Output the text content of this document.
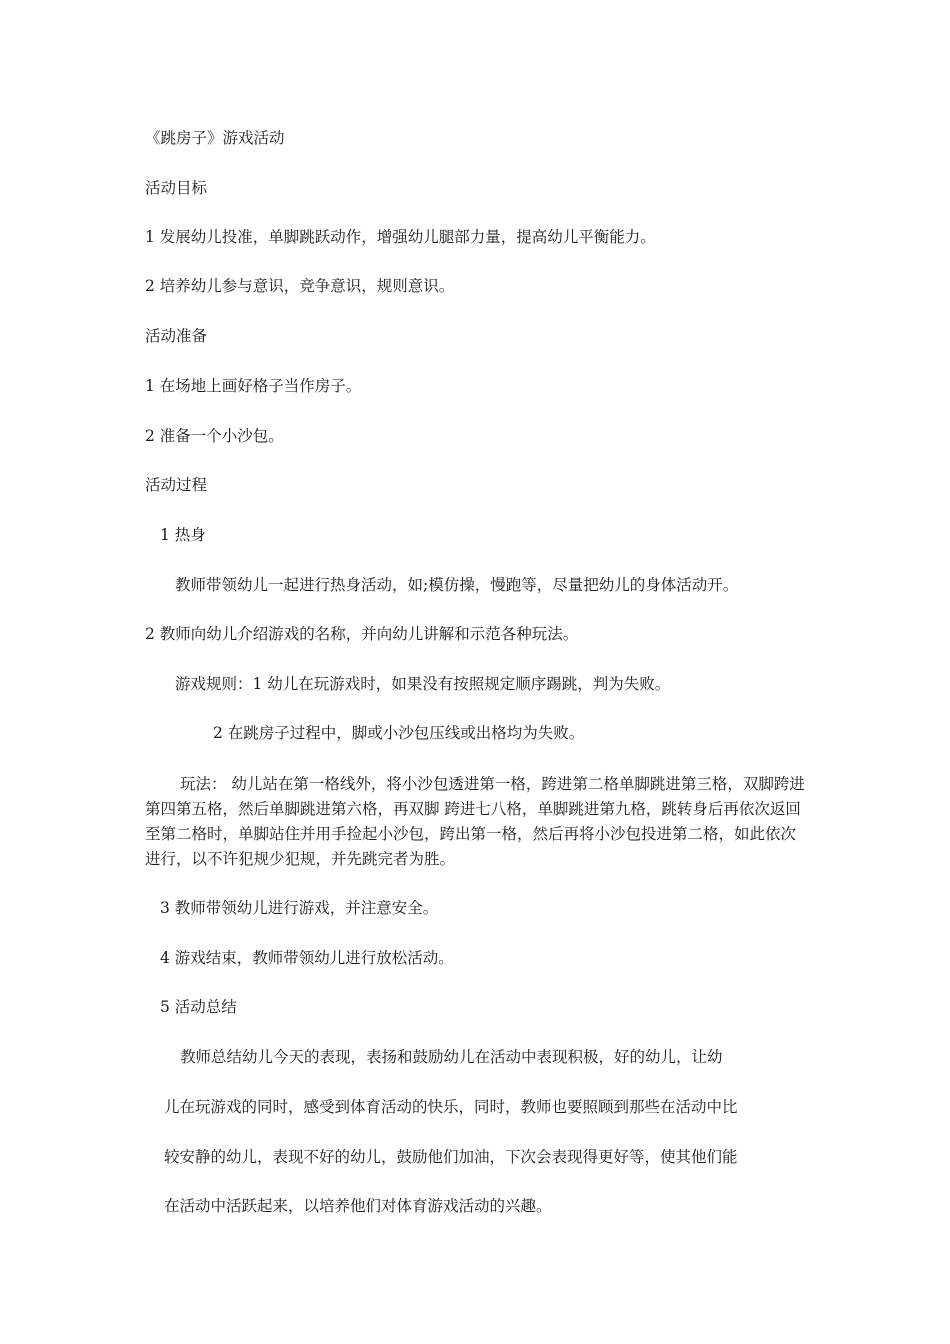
《跳房子》游戏活动

活动目标

1 发展幼儿投准，单脚跳跃动作，增强幼儿腿部力量，提高幼儿平衡能力。

2 培养幼儿参与意识，竞争意识，规则意识。

活动准备

1 在场地上画好格子当作房子。

2 准备一个小沙包。

活动过程

1 热身

教师带领幼儿一起进行热身活动，如;模仿操，慢跑等，尽量把幼儿的身体活动开。

2 教师向幼儿介绍游戏的名称，并向幼儿讲解和示范各种玩法。

游戏规则：1 幼儿在玩游戏时，如果没有按照规定顺序踢跳，判为失败。

2 在跳房子过程中，脚或小沙包压线或出格均为失败。

玩法： 幼儿站在第一格线外，将小沙包透进第一格，跨进第二格单脚跳进第三格，双脚跨进第四第五格，然后单脚跳进第六格，再双脚 跨进七八格，单脚跳进第九格，跳转身后再依次返回至第二格时，单脚站住并用手捡起小沙包，跨出第一格，然后再将小沙包投进第二格，如此依次进行，以不许犯规少犯规，并先跳完者为胜。

3 教师带领幼儿进行游戏，并注意安全。

4 游戏结束，教师带领幼儿进行放松活动。

5 活动总结

教师总结幼儿今天的表现，表扬和鼓励幼儿在活动中表现积极，好的幼儿，让幼

儿在玩游戏的同时，感受到体育活动的快乐，同时，教师也要照顾到那些在活动中比

较安静的幼儿，表现不好的幼儿，鼓励他们加油，下次会表现得更好等，使其他们能

在活动中活跃起来，以培养他们对体育游戏活动的兴趣。
